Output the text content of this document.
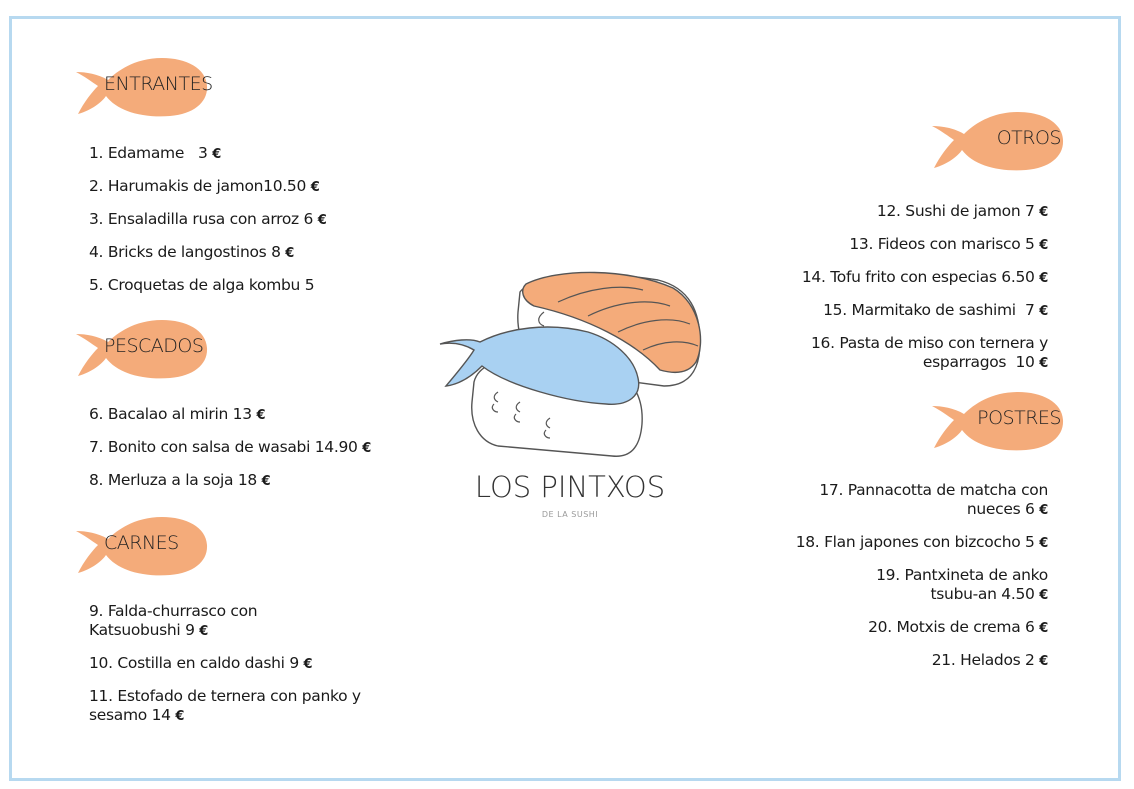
ENTRANTES
1. Edamame 3 €
2. Harumakis de jamon10.50 €
3. Ensaladilla rusa con arroz 6 €
4. Bricks de langostinos 8 €
5. Croquetas de alga kombu 5
PESCADOS
6. Bacalao al mirin 13 €
7. Bonito con salsa de wasabi 14.90 €
8. Merluza a la soja 18 €
CARNES
9. Falda-churrasco con
Katsuobushi 9 €
10. Costilla en caldo dashi 9 €
11. Estofado de ternera con panko y
sesamo 14 €
OTROS
12. Sushi de jamon 7 €
13. Fideos con marisco 5 €
14. Tofu frito con especias 6.50 €
15. Marmitako de sashimi 7 €
16. Pasta de miso con ternera y
esparragos 10 €
POSTRES
17. Pannacotta de matcha con
nueces 6 €
18. Flan japones con bizcocho 5 €
19. Pantxineta de anko
tsubu-an 4.50 €
20. Motxis de crema 6 €
21. Helados 2 €
LOS PINTXOS
DE LA SUSHI
